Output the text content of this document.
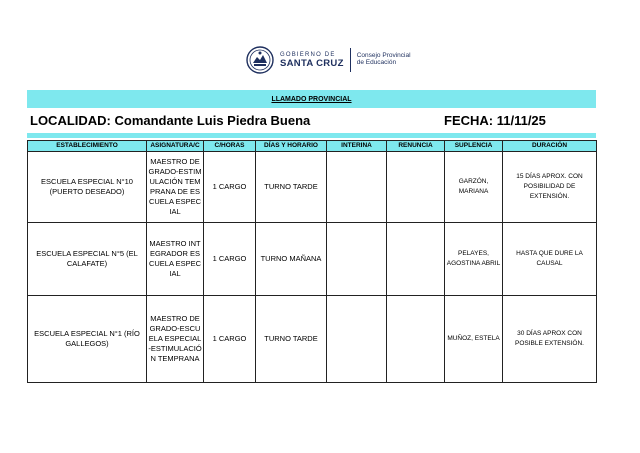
GOBIERNO DE
SANTA CRUZ
Consejo Provincial
de Educación
LLAMADO PROVINCIAL
LOCALIDAD: Comandante Luis Piedra Buena	FECHA: 11/11/25
ESTABLECIMIENTO	ASIGNATURA/C	C/HORAS	DÍAS Y HORARIO	INTERINA	RENUNCIA	SUPLENCIA	DURACIÓN
ESCUELA ESPECIAL N°10 (PUERTO DESEADO)	MAESTRO DE GRADO-ESTIMULACIÓN TEMPRANA DE ESCUELA ESPECIAL	1 CARGO	TURNO TARDE			GARZÓN, MARIANA	15 DÍAS APROX. CON POSIBILIDAD DE EXTENSIÓN.
ESCUELA ESPECIAL N°5 (EL CALAFATE)	MAESTRO INTEGRADOR ESCUELA ESPECIAL	1 CARGO	TURNO MAÑANA			PELAYES, AGOSTINA ABRIL	HASTA QUE DURE LA CAUSAL
ESCUELA ESPECIAL N°1 (RÍO GALLEGOS)	MAESTRO DE GRADO-ESCUELA ESPECIAL-ESTIMULACIÓN TEMPRANA	1 CARGO	TURNO TARDE			MUÑOZ, ESTELA	30 DÍAS APROX CON POSIBLE EXTENSIÓN.
